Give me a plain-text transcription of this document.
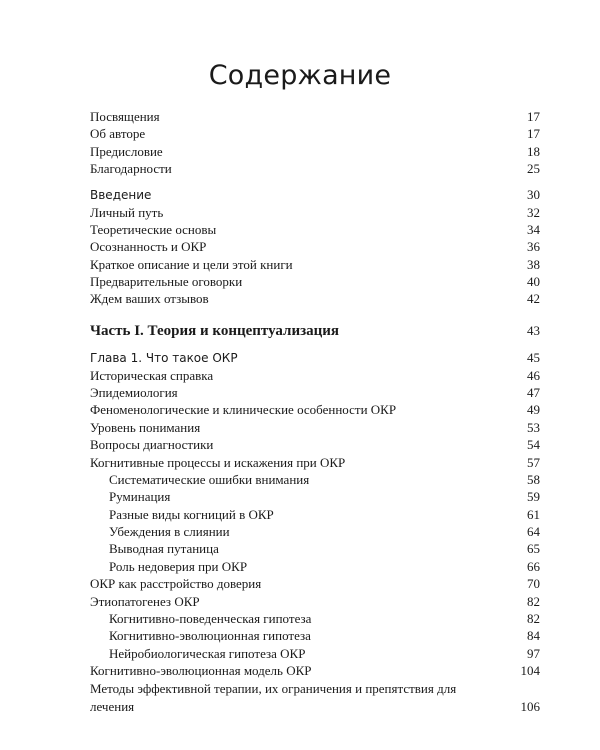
Содержание
Посвящения	17
Об авторе	17
Предисловие	18
Благодарности	25
Введение	30
Личный путь	32
Теоретические основы	34
Осознанность и ОКР	36
Краткое описание и цели этой книги	38
Предварительные оговорки	40
Ждем ваших отзывов	42
Часть I. Теория и концептуализация	43
Глава 1. Что такое ОКР	45
Историческая справка	46
Эпидемиология	47
Феноменологические и клинические особенности ОКР	49
Уровень понимания	53
Вопросы диагностики	54
Когнитивные процессы и искажения при ОКР	57
Систематические ошибки внимания	58
Руминация	59
Разные виды когниций в ОКР	61
Убеждения в слиянии	64
Выводная путаница	65
Роль недоверия при ОКР	66
ОКР как расстройство доверия	70
Этиопатогенез ОКР	82
Когнитивно-поведенческая гипотеза	82
Когнитивно-эволюционная гипотеза	84
Нейробиологическая гипотеза ОКР	97
Когнитивно-эволюционная модель ОКР	104
Методы эффективной терапии, их ограничения и препятствия для лечения	106
